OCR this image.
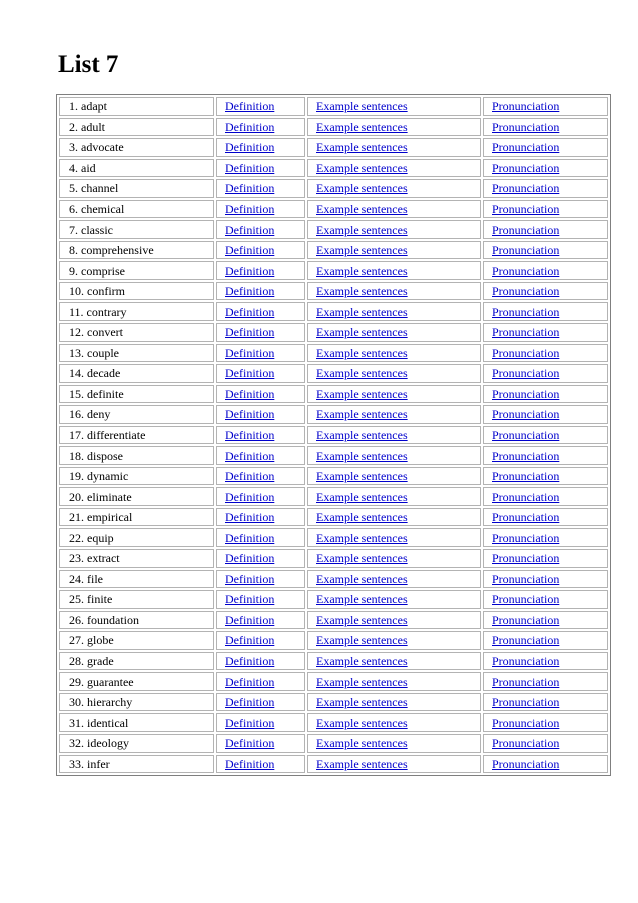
List 7
1. adapt	Definition	Example sentences	Pronunciation
2. adult	Definition	Example sentences	Pronunciation
3. advocate	Definition	Example sentences	Pronunciation
4. aid	Definition	Example sentences	Pronunciation
5. channel	Definition	Example sentences	Pronunciation
6. chemical	Definition	Example sentences	Pronunciation
7. classic	Definition	Example sentences	Pronunciation
8. comprehensive	Definition	Example sentences	Pronunciation
9. comprise	Definition	Example sentences	Pronunciation
10. confirm	Definition	Example sentences	Pronunciation
11. contrary	Definition	Example sentences	Pronunciation
12. convert	Definition	Example sentences	Pronunciation
13. couple	Definition	Example sentences	Pronunciation
14. decade	Definition	Example sentences	Pronunciation
15. definite	Definition	Example sentences	Pronunciation
16. deny	Definition	Example sentences	Pronunciation
17. differentiate	Definition	Example sentences	Pronunciation
18. dispose	Definition	Example sentences	Pronunciation
19. dynamic	Definition	Example sentences	Pronunciation
20. eliminate	Definition	Example sentences	Pronunciation
21. empirical	Definition	Example sentences	Pronunciation
22. equip	Definition	Example sentences	Pronunciation
23. extract	Definition	Example sentences	Pronunciation
24. file	Definition	Example sentences	Pronunciation
25. finite	Definition	Example sentences	Pronunciation
26. foundation	Definition	Example sentences	Pronunciation
27. globe	Definition	Example sentences	Pronunciation
28. grade	Definition	Example sentences	Pronunciation
29. guarantee	Definition	Example sentences	Pronunciation
30. hierarchy	Definition	Example sentences	Pronunciation
31. identical	Definition	Example sentences	Pronunciation
32. ideology	Definition	Example sentences	Pronunciation
33. infer	Definition	Example sentences	Pronunciation
